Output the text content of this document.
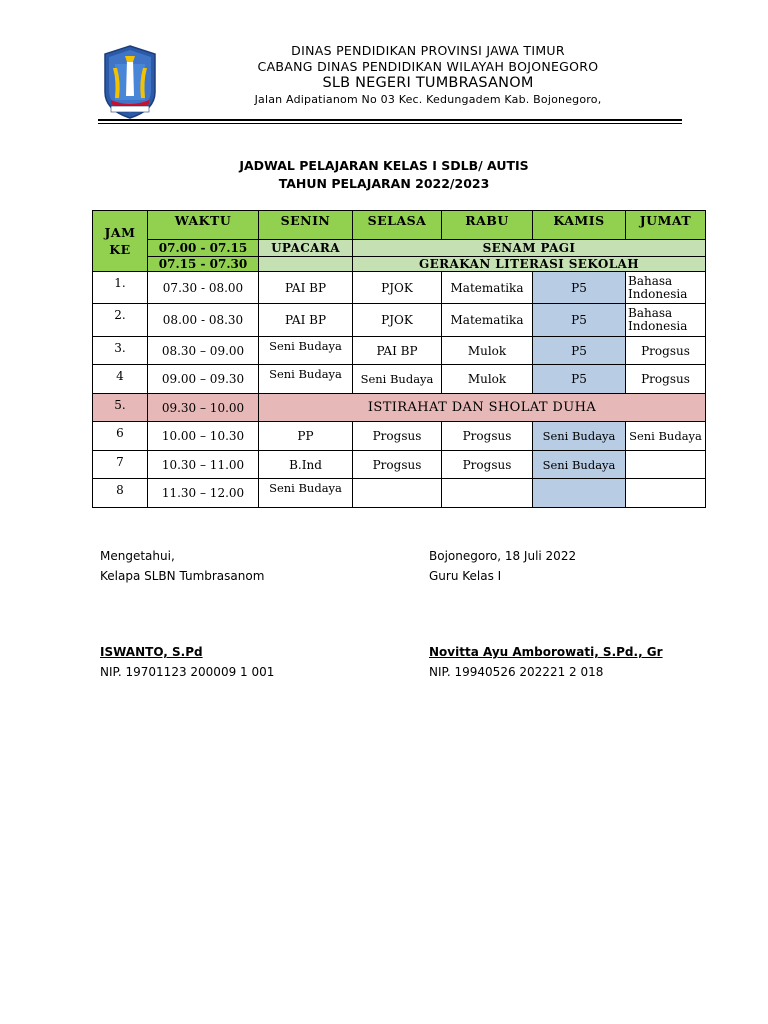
DINAS PENDIDIKAN PROVINSI JAWA TIMUR
CABANG DINAS PENDIDIKAN WILAYAH BOJONEGORO
SLB NEGERI TUMBRASANOM
Jalan Adipatianom No 03 Kec. Kedungadem Kab. Bojonegoro,
JADWAL PELAJARAN KELAS I SDLB/ AUTIS
TAHUN PELAJARAN 2022/2023
JAM KE	WAKTU	SENIN	SELASA	RABU	KAMIS	JUMAT
	07.00 - 07.15	UPACARA	SENAM PAGI			
	07.15 - 07.30		GERAKAN LITERASI SEKOLAH			
1.	07.30 - 08.00	PAI BP	PJOK	Matematika	P5	Bahasa Indonesia
2.	08.00 - 08.30	PAI BP	PJOK	Matematika	P5	Bahasa Indonesia
3.	08.30 – 09.00	Seni Budaya	PAI BP	Mulok	P5	Progsus
4	09.00 – 09.30	Seni Budaya	Seni Budaya	Mulok	P5	Progsus
5.	09.30 – 10.00	ISTIRAHAT DAN SHOLAT DUHA				
6	10.00 – 10.30	PP	Progsus	Progsus	Seni Budaya	Seni Budaya
7	10.30 – 11.00	B.Ind	Progsus	Progsus	Seni Budaya	
8	11.30 – 12.00	Seni Budaya				
Mengetahui,
Kelapa SLBN Tumbrasanom
ISWANTO, S.Pd
NIP. 19701123 200009 1 001
Bojonegoro, 18 Juli 2022
Guru Kelas I
Novitta Ayu Amborowati, S.Pd., Gr
NIP. 19940526 202221 2 018
